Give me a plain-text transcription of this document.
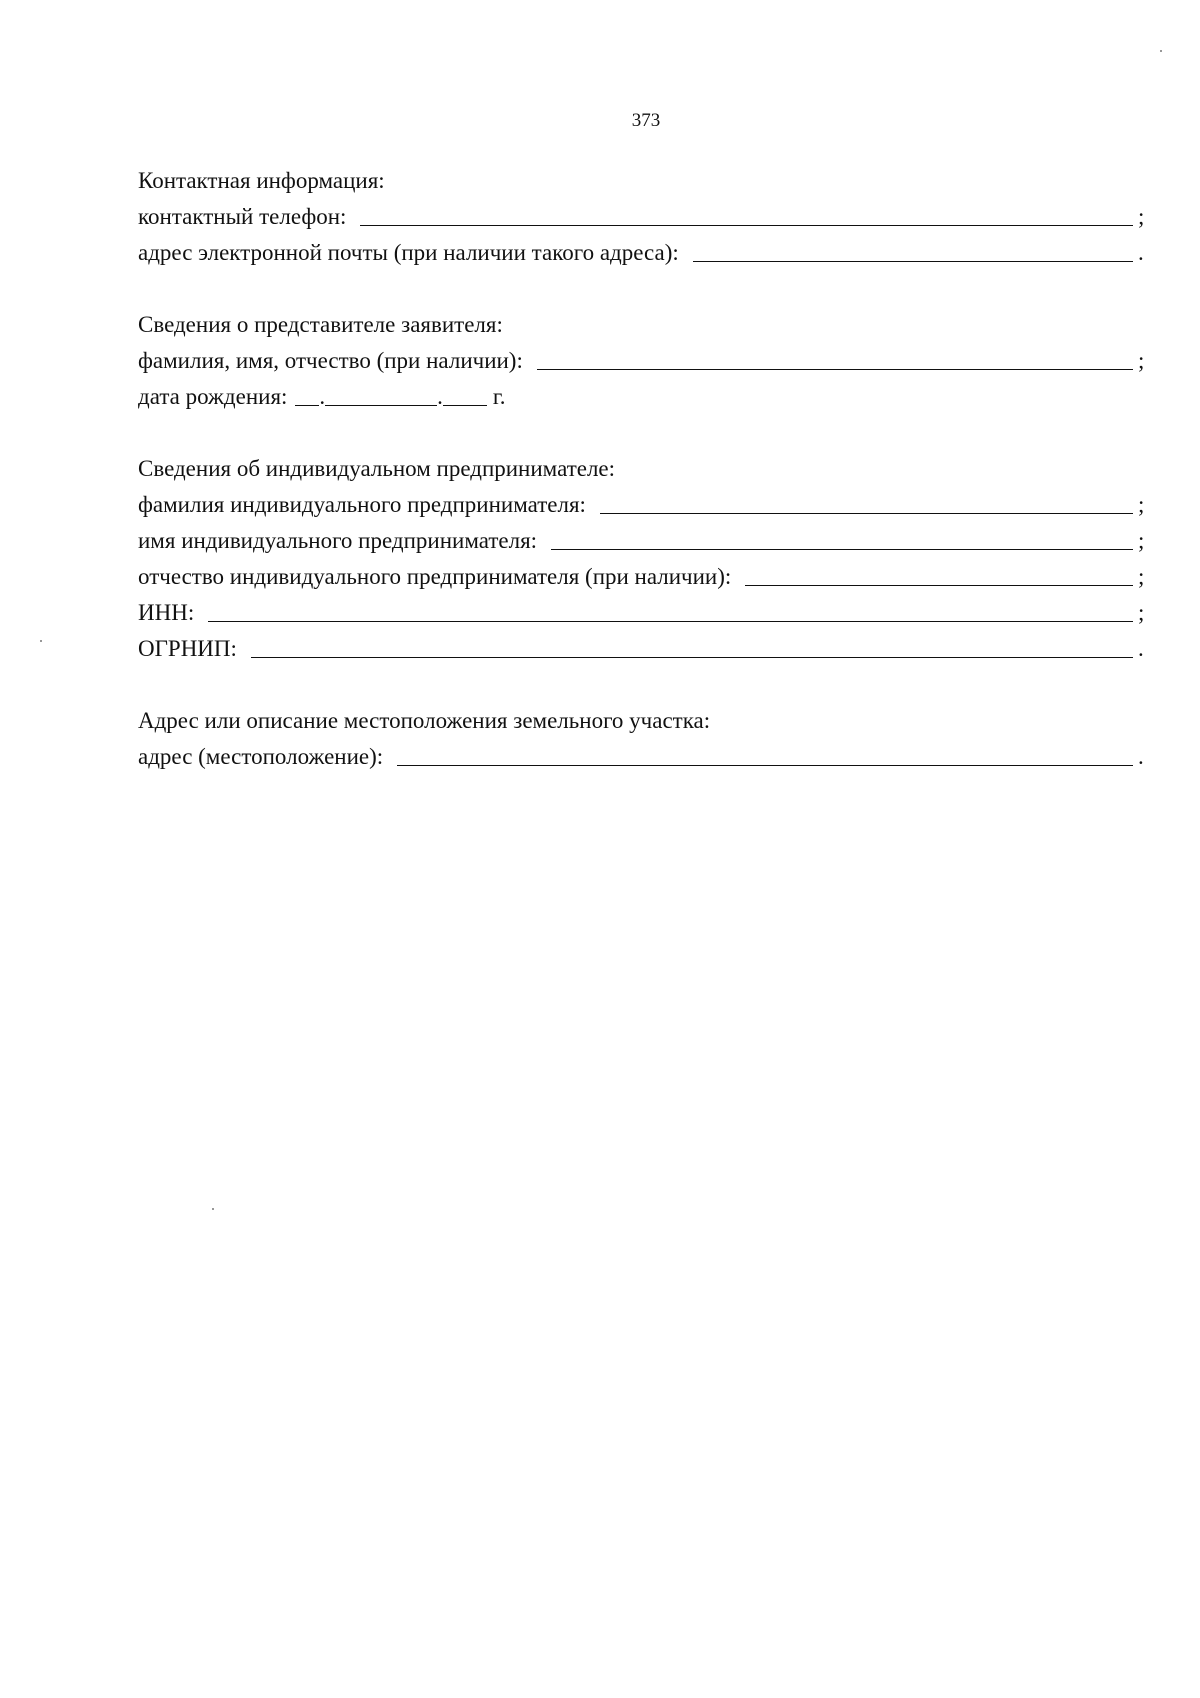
373
Контактная информация:
контактный телефон:	;
адрес электронной почты (при наличии такого адреса):	.
Сведения о представителе заявителя:
фамилия, имя, отчество (при наличии):	;
дата рождения: .	. г.
Сведения об индивидуальном предпринимателе:
фамилия индивидуального предпринимателя:	;
имя индивидуального предпринимателя:	;
отчество индивидуального предпринимателя (при наличии):	;
ИНН:	;
ОГРНИП:	.
Адрес или описание местоположения земельного участка:
адрес (местоположение):	.
